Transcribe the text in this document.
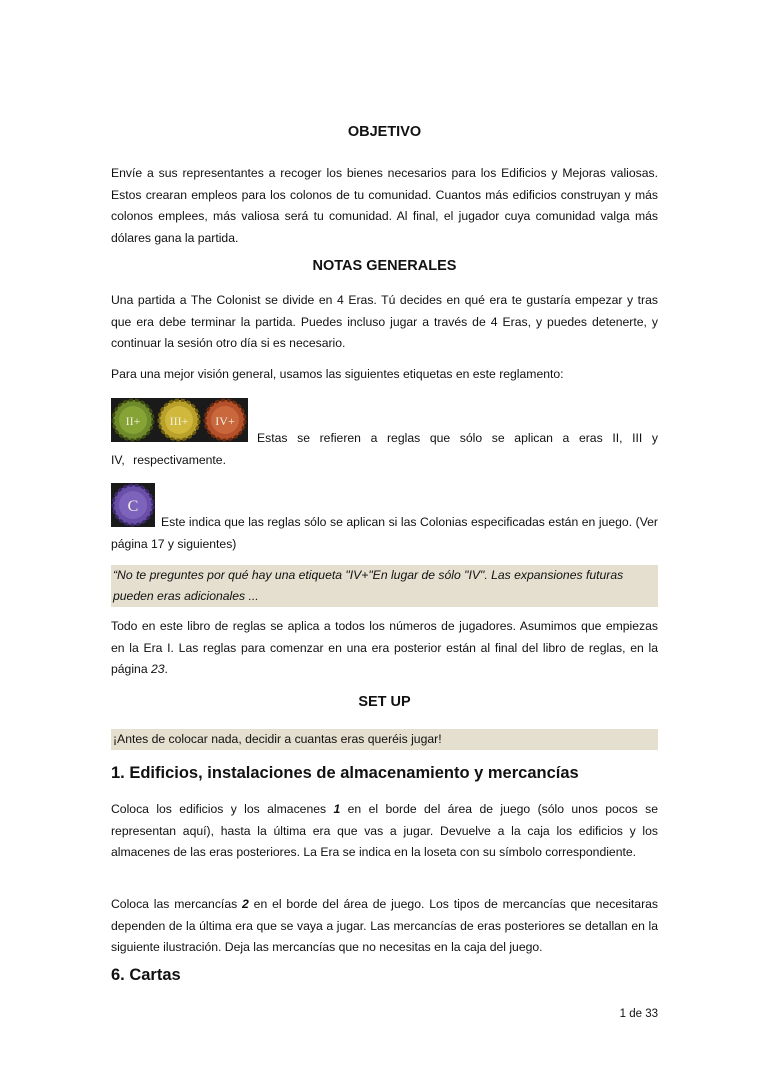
OBJETIVO
Envíe a sus representantes a recoger los bienes necesarios para los Edificios y Mejoras valiosas. Estos crearan empleos para los colonos de tu comunidad. Cuantos más edificios construyan y más colonos emplees, más valiosa será tu comunidad. Al final, el jugador cuya comunidad valga más dólares gana la partida.
NOTAS GENERALES
Una partida a The Colonist se divide en 4 Eras. Tú decides en qué era te gustaría empezar y tras que era debe terminar la partida. Puedes incluso jugar a través de 4 Eras, y puedes detenerte, y continuar la sesión otro día si es necesario.
Para una mejor visión general, usamos las siguientes etiquetas en este reglamento:
II+ III+ IV+
Estas se refieren a reglas que sólo se aplican a eras II, III y IV, respectivamente.
C
Este indica que las reglas sólo se aplican si las Colonias especificadas están en juego. (Ver página 17 y siguientes)
“No te preguntes por qué hay una etiqueta "IV+"En lugar de sólo "IV". Las expansiones futuras
pueden eras adicionales ...
Todo en este libro de reglas se aplica a todos los números de jugadores. Asumimos que empiezas en la Era I. Las reglas para comenzar en una era posterior están al final del libro de reglas, en la página 23.
SET UP
¡Antes de colocar nada, decidir a cuantas eras queréis jugar!
1. Edificios, instalaciones de almacenamiento y mercancías
Coloca los edificios y los almacenes 1 en el borde del área de juego (sólo unos pocos se representan aquí), hasta la última era que vas a jugar. Devuelve a la caja los edificios y los almacenes de las eras posteriores. La Era se indica en la loseta con su símbolo correspondiente.
Coloca las mercancías 2 en el borde del área de juego. Los tipos de mercancías que necesitaras dependen de la última era que se vaya a jugar. Las mercancías de eras posteriores se detallan en la siguiente ilustración. Deja las mercancías que no necesitas en la caja del juego.
6. Cartas
1 de 33
